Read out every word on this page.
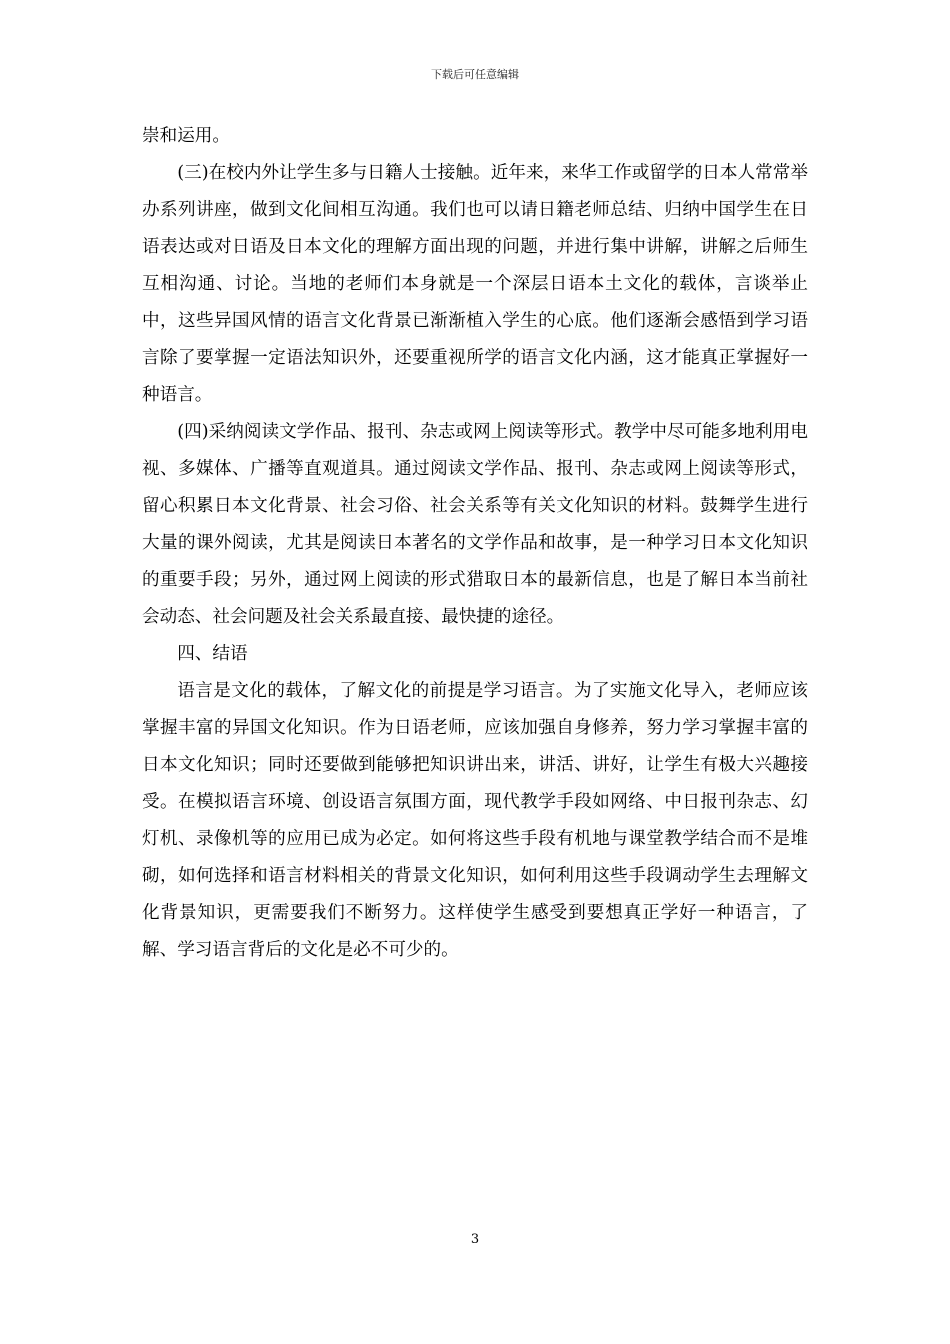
下载后可任意编辑

崇和运用。

(三)在校内外让学生多与日籍人士接触。近年来，来华工作或留学的日本人常常举办系列讲座，做到文化间相互沟通。我们也可以请日籍老师总结、归纳中国学生在日语表达或对日语及日本文化的理解方面出现的问题，并进行集中讲解，讲解之后师生互相沟通、讨论。当地的老师们本身就是一个深层日语本土文化的载体，言谈举止中，这些异国风情的语言文化背景已渐渐植入学生的心底。他们逐渐会感悟到学习语言除了要掌握一定语法知识外，还要重视所学的语言文化内涵，这才能真正掌握好一种语言。

(四)采纳阅读文学作品、报刊、杂志或网上阅读等形式。教学中尽可能多地利用电视、多媒体、广播等直观道具。通过阅读文学作品、报刊、杂志或网上阅读等形式，留心积累日本文化背景、社会习俗、社会关系等有关文化知识的材料。鼓舞学生进行大量的课外阅读，尤其是阅读日本著名的文学作品和故事，是一种学习日本文化知识的重要手段；另外，通过网上阅读的形式猎取日本的最新信息，也是了解日本当前社会动态、社会问题及社会关系最直接、最快捷的途径。

四、结语

语言是文化的载体，了解文化的前提是学习语言。为了实施文化导入，老师应该掌握丰富的异国文化知识。作为日语老师，应该加强自身修养，努力学习掌握丰富的日本文化知识；同时还要做到能够把知识讲出来，讲活、讲好，让学生有极大兴趣接受。在模拟语言环境、创设语言氛围方面，现代教学手段如网络、中日报刊杂志、幻灯机、录像机等的应用已成为必定。如何将这些手段有机地与课堂教学结合而不是堆砌，如何选择和语言材料相关的背景文化知识，如何利用这些手段调动学生去理解文化背景知识，更需要我们不断努力。这样使学生感受到要想真正学好一种语言，了解、学习语言背后的文化是必不可少的。

3
